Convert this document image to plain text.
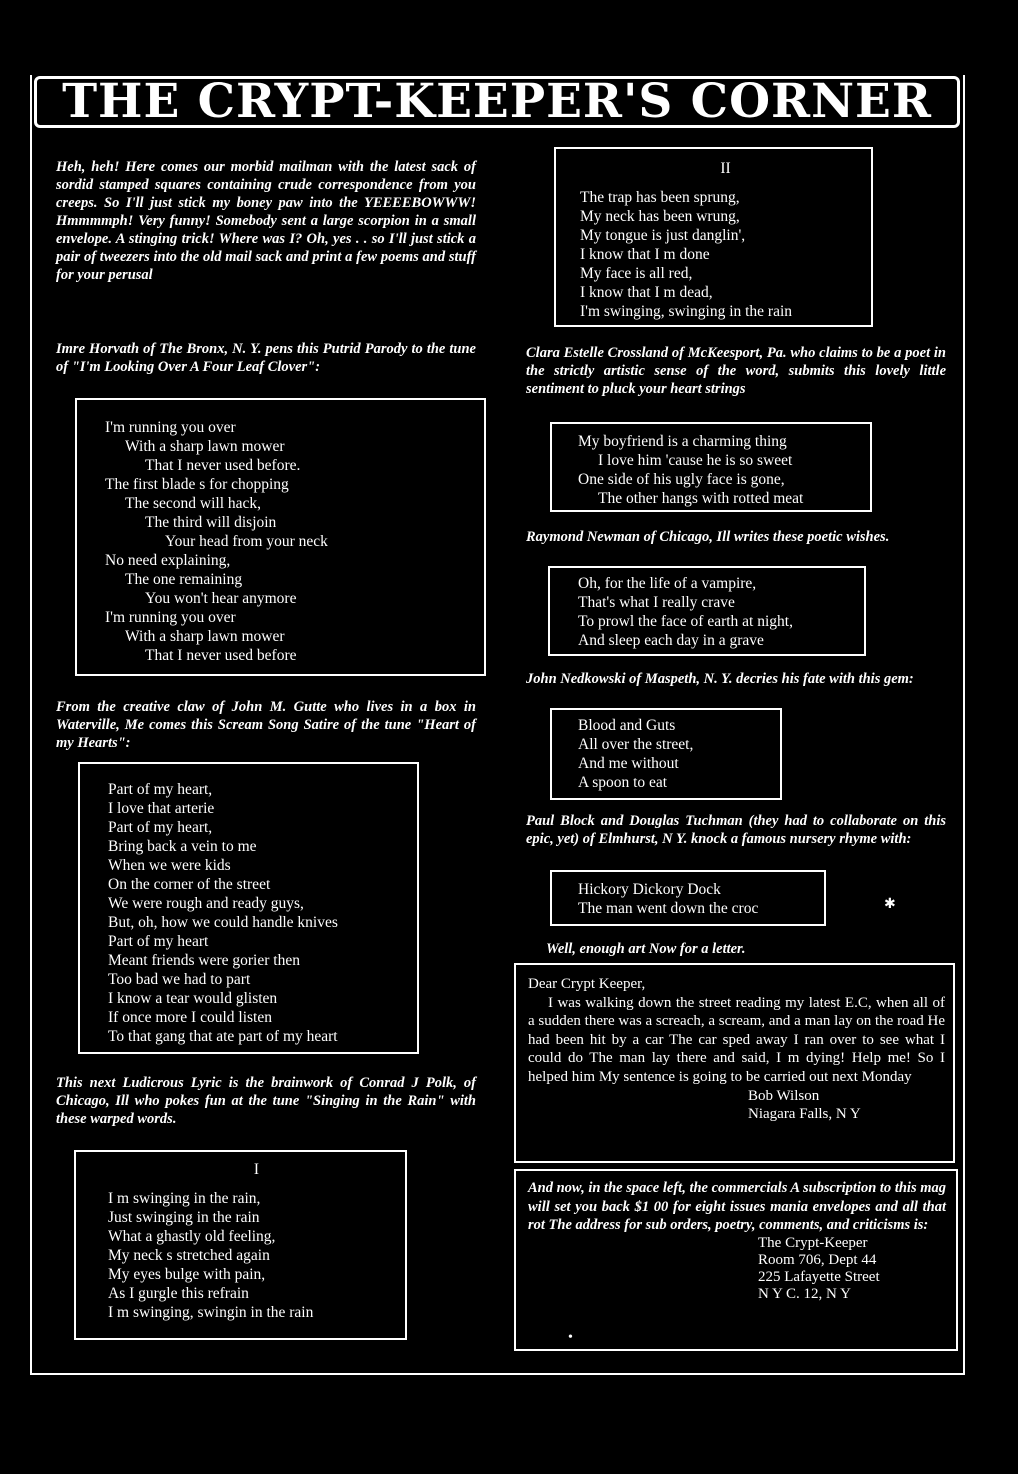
THE CRYPT-KEEPER'S CORNER

Heh, heh! Here comes our morbid mailman with the latest sack of sordid stamped squares containing crude correspondence from you creeps. So I'll just stick my boney paw into the YEEEEBOWWW! Hmmmmph! Very funny! Somebody sent a large scorpion in a small envelope. A stinging trick! Where was I? Oh, yes . . so I'll just stick a pair of tweezers into the old mail sack and print a few poems and stuff for your perusal

Imre Horvath of The Bronx, N. Y. pens this Putrid Parody to the tune of "I'm Looking Over A Four Leaf Clover":

I'm running you over
With a sharp lawn mower
That I never used before.
The first blade s for chopping
The second will hack,
The third will disjoin
Your head from your neck
No need explaining,
The one remaining
You won't hear anymore
I'm running you over
With a sharp lawn mower
That I never used before

From the creative claw of John M. Gutte who lives in a box in Waterville, Me comes this Scream Song Satire of the tune "Heart of my Hearts":

Part of my heart,
I love that arterie
Part of my heart,
Bring back a vein to me
When we were kids
On the corner of the street
We were rough and ready guys,
But, oh, how we could handle knives
Part of my heart
Meant friends were gorier then
Too bad we had to part
I know a tear would glisten
If once more I could listen
To that gang that ate part of my heart

This next Ludicrous Lyric is the brainwork of Conrad J Polk, of Chicago, Ill who pokes fun at the tune "Singing in the Rain" with these warped words.

I
I m swinging in the rain,
Just swinging in the rain
What a ghastly old feeling,
My neck s stretched again
My eyes bulge with pain,
As I gurgle this refrain
I m swinging, swingin in the rain
II
The trap has been sprung,
My neck has been wrung,
My tongue is just danglin',
I know that I m done
My face is all red,
I know that I m dead,
I'm swinging, swinging in the rain

Clara Estelle Crossland of McKeesport, Pa. who claims to be a poet in the strictly artistic sense of the word, submits this lovely little sentiment to pluck your heart strings

My boyfriend is a charming thing
I love him 'cause he is so sweet
One side of his ugly face is gone,
The other hangs with rotted meat

Raymond Newman of Chicago, Ill writes these poetic wishes.

Oh, for the life of a vampire,
That's what I really crave
To prowl the face of earth at night,
And sleep each day in a grave

John Nedkowski of Maspeth, N. Y. decries his fate with this gem:

Blood and Guts
All over the street,
And me without
A spoon to eat

Paul Block and Douglas Tuchman (they had to collaborate on this epic, yet) of Elmhurst, N Y. knock a famous nursery rhyme with:

Hickory Dickory Dock
The man went down the croc

Well, enough art Now for a letter.

Dear Crypt Keeper,

I was walking down the street reading my latest E.C, when all of a sudden there was a screach, a scream, and a man lay on the road He had been hit by a car The car sped away I ran over to see what I could do The man lay there and said, I m dying! Help me! So I helped him My sentence is going to be carried out next Monday

Bob Wilson
Niagara Falls, N Y

And now, in the space left, the commercials A subscription to this mag will set you back $1 00 for eight issues mania envelopes and all that rot The address for sub orders, poetry, comments, and criticisms is:

The Crypt-Keeper
Room 706, Dept 44
225 Lafayette Street
N Y C. 12, N Y
✱
•
